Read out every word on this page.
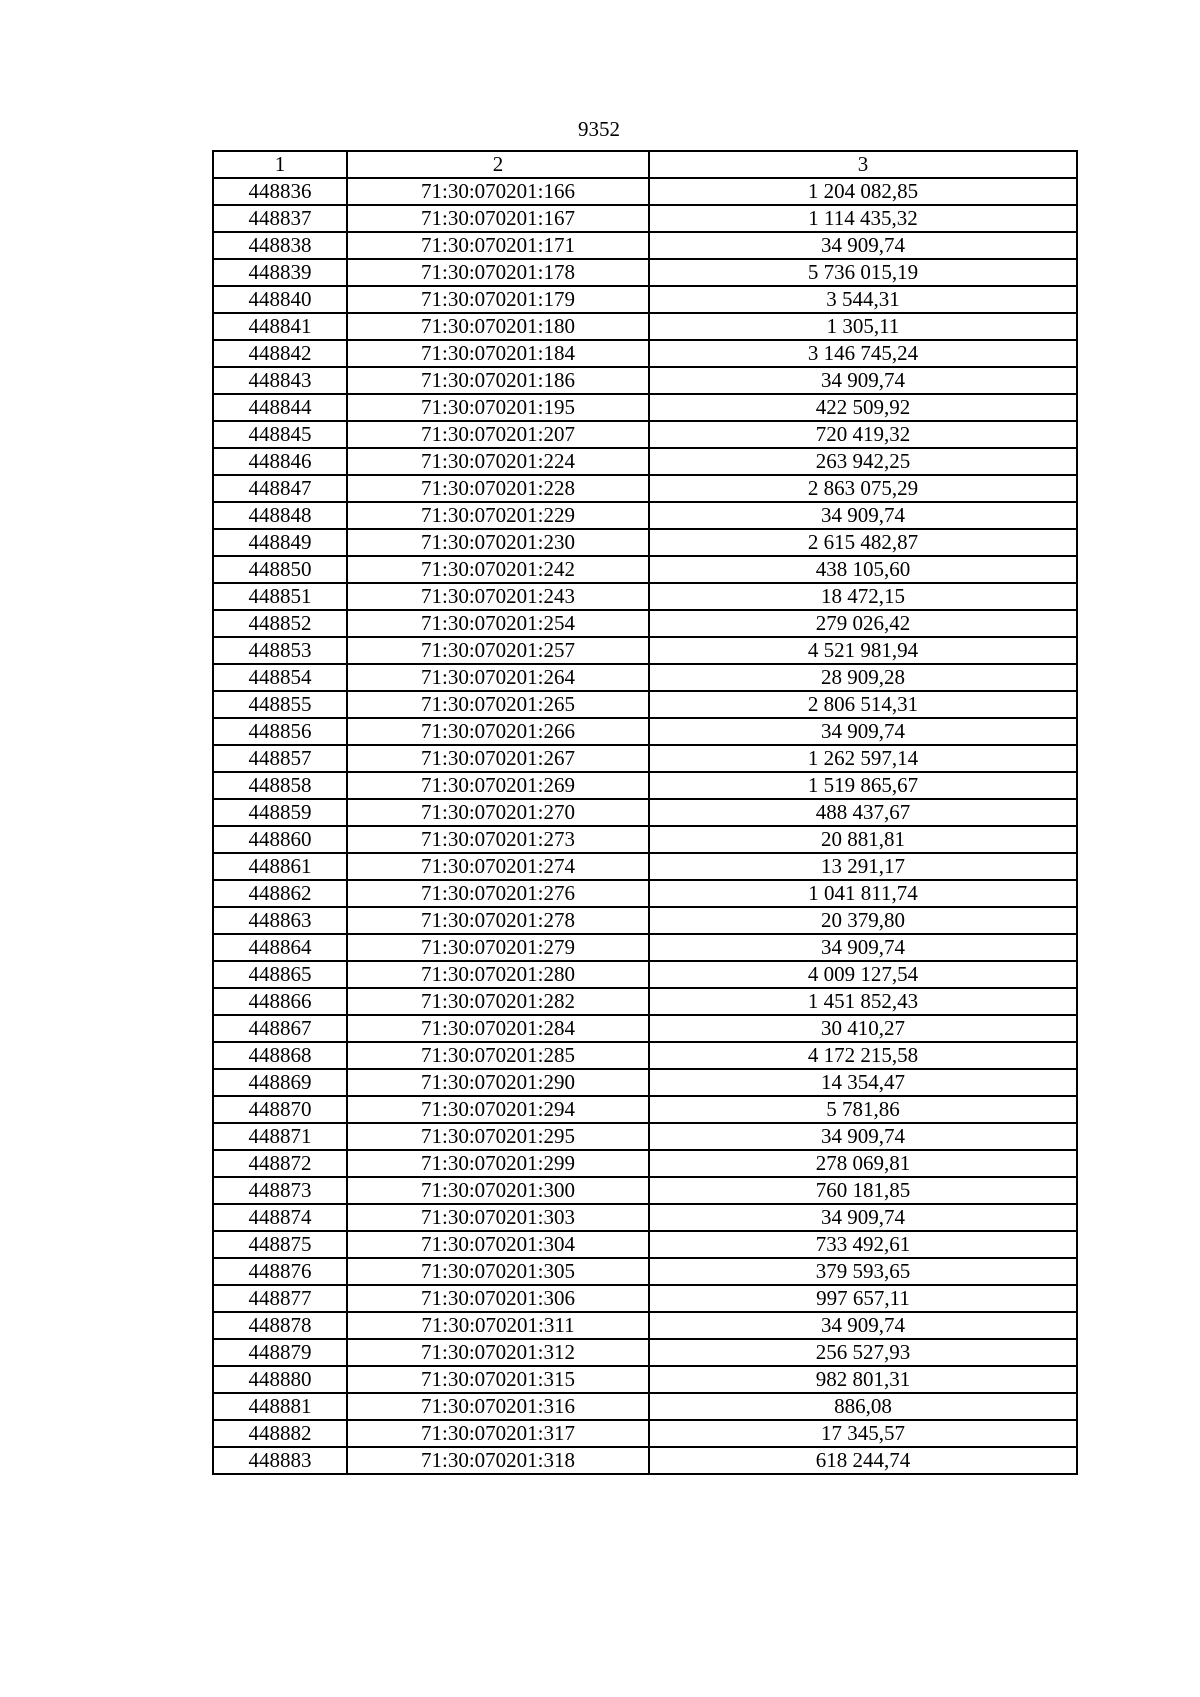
9352
1	2	3
448836	71:30:070201:166	1 204 082,85
448837	71:30:070201:167	1 114 435,32
448838	71:30:070201:171	34 909,74
448839	71:30:070201:178	5 736 015,19
448840	71:30:070201:179	3 544,31
448841	71:30:070201:180	1 305,11
448842	71:30:070201:184	3 146 745,24
448843	71:30:070201:186	34 909,74
448844	71:30:070201:195	422 509,92
448845	71:30:070201:207	720 419,32
448846	71:30:070201:224	263 942,25
448847	71:30:070201:228	2 863 075,29
448848	71:30:070201:229	34 909,74
448849	71:30:070201:230	2 615 482,87
448850	71:30:070201:242	438 105,60
448851	71:30:070201:243	18 472,15
448852	71:30:070201:254	279 026,42
448853	71:30:070201:257	4 521 981,94
448854	71:30:070201:264	28 909,28
448855	71:30:070201:265	2 806 514,31
448856	71:30:070201:266	34 909,74
448857	71:30:070201:267	1 262 597,14
448858	71:30:070201:269	1 519 865,67
448859	71:30:070201:270	488 437,67
448860	71:30:070201:273	20 881,81
448861	71:30:070201:274	13 291,17
448862	71:30:070201:276	1 041 811,74
448863	71:30:070201:278	20 379,80
448864	71:30:070201:279	34 909,74
448865	71:30:070201:280	4 009 127,54
448866	71:30:070201:282	1 451 852,43
448867	71:30:070201:284	30 410,27
448868	71:30:070201:285	4 172 215,58
448869	71:30:070201:290	14 354,47
448870	71:30:070201:294	5 781,86
448871	71:30:070201:295	34 909,74
448872	71:30:070201:299	278 069,81
448873	71:30:070201:300	760 181,85
448874	71:30:070201:303	34 909,74
448875	71:30:070201:304	733 492,61
448876	71:30:070201:305	379 593,65
448877	71:30:070201:306	997 657,11
448878	71:30:070201:311	34 909,74
448879	71:30:070201:312	256 527,93
448880	71:30:070201:315	982 801,31
448881	71:30:070201:316	886,08
448882	71:30:070201:317	17 345,57
448883	71:30:070201:318	618 244,74
